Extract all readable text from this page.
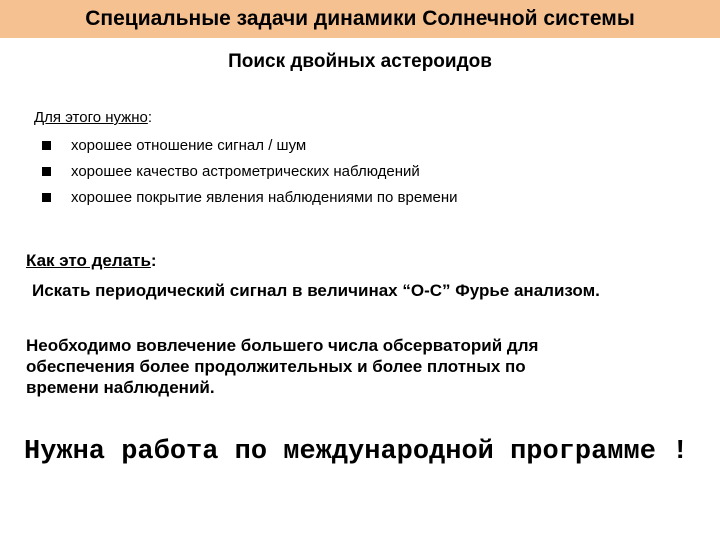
Специальные задачи динамики Солнечной системы
Поиск двойных астероидов
Для этого нужно:
хорошее отношение сигнал / шум
хорошее качество астрометрических наблюдений
хорошее покрытие явления наблюдениями по времени
Как это делать:
Искать периодический сигнал в величинах “O-C” Фурье анализом.
Необходимо вовлечение большего числа обсерваторий для
обеспечения более продолжительных и более плотных по
времени наблюдений.
Нужна работа по международной программе !
